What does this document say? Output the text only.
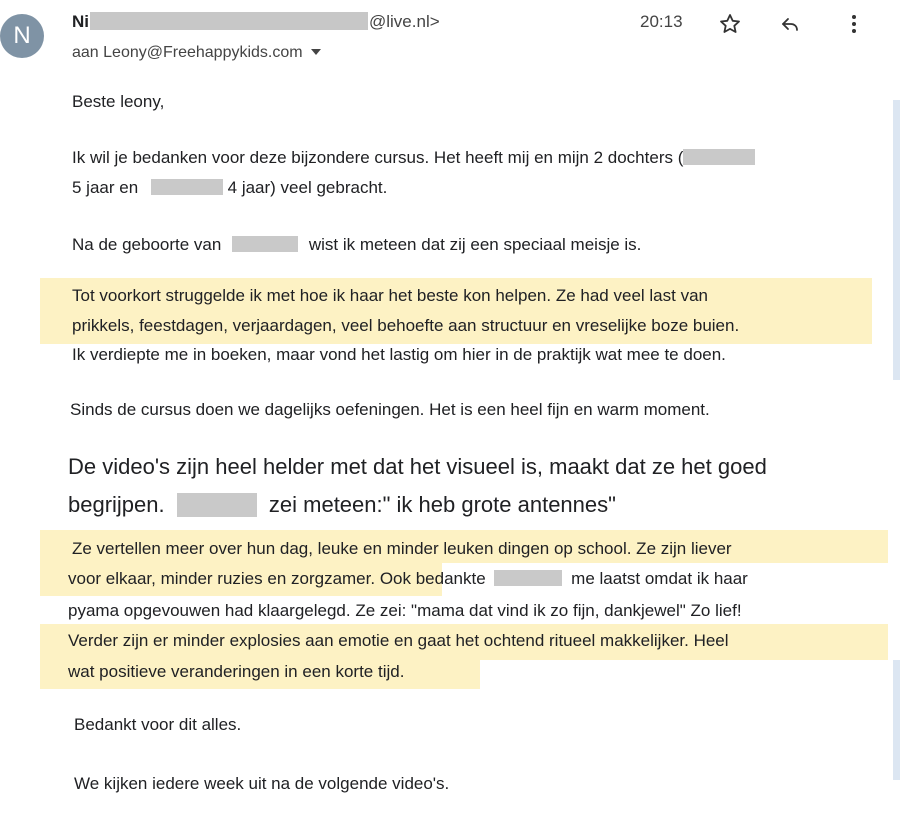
N
Ni	@live.nl>
aan Leony@Freehappykids.com
20:13
Beste leony,
Ik wil je bedanken voor deze bijzondere cursus. Het heeft mij en mijn 2 dochters (
5 jaar en	4 jaar) veel gebracht.
Na de geboorte van	wist ik meteen dat zij een speciaal meisje is.
Tot voorkort struggelde ik met hoe ik haar het beste kon helpen. Ze had veel last van
prikkels, feestdagen, verjaardagen, veel behoefte aan structuur en vreselijke boze buien.
Ik verdiepte me in boeken, maar vond het lastig om hier in de praktijk wat mee te doen.
Sinds de cursus doen we dagelijks oefeningen. Het is een heel fijn en warm moment.
De video's zijn heel helder met dat het visueel is, maakt dat ze het goed
begrijpen.	zei meteen:" ik heb grote antennes"
Ze vertellen meer over hun dag, leuke en minder leuken dingen op school. Ze zijn liever
voor elkaar, minder ruzies en zorgzamer. Ook bedankte	me laatst omdat ik haar
pyama opgevouwen had klaargelegd. Ze zei: "mama dat vind ik zo fijn, dankjewel" Zo lief!
Verder zijn er minder explosies aan emotie en gaat het ochtend ritueel makkelijker. Heel
wat positieve veranderingen in een korte tijd.
Bedankt voor dit alles.
We kijken iedere week uit na de volgende video's.
